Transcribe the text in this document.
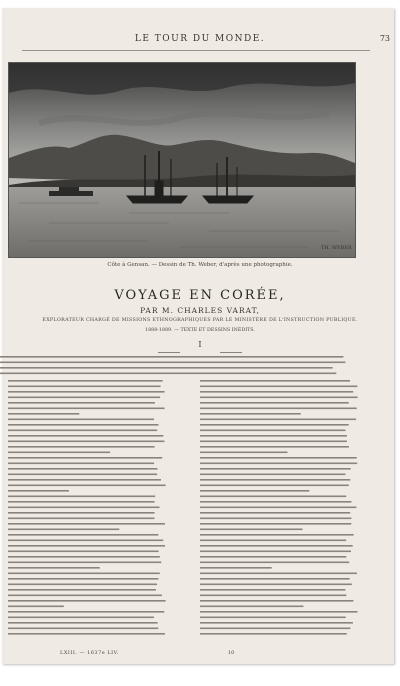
LE TOUR DU MONDE.	73
TH. WEBER
Côte à Gensan. — Dessin de Th. Weber, d'après une photographie.
VOYAGE EN CORÉE,
PAR M. CHARLES VARAT,
EXPLORATEUR CHARGÉ DE MISSIONS ETHNOGRAPHIQUES PAR LE MINISTÈRE DE L'INSTRUCTION PUBLIQUE.
1888-1889. — TEXTE ET DESSINS INÉDITS.
I
LXIII. — 1637e LIV.	10
